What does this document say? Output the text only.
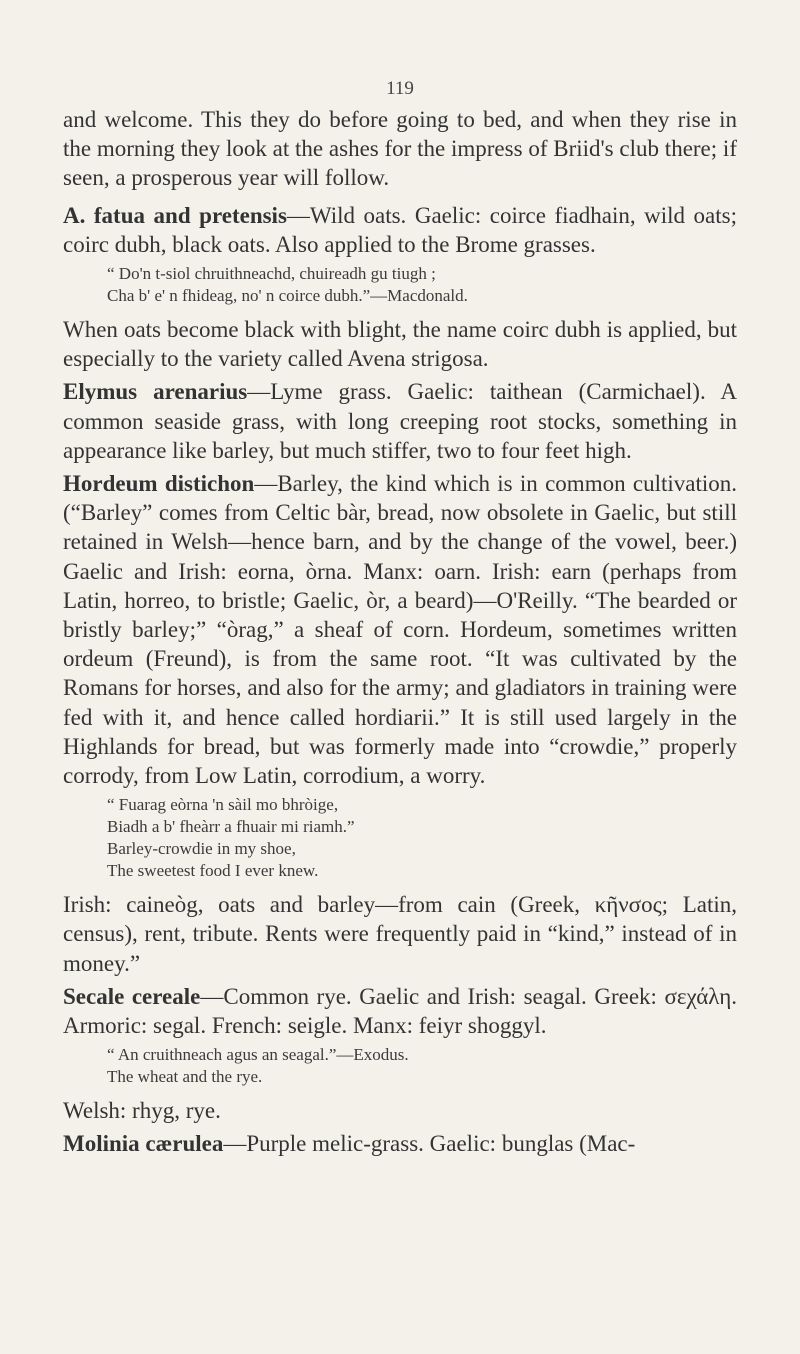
119

and welcome. This they do before going to bed, and when they rise in the morning they look at the ashes for the impress of Briid's club there; if seen, a prosperous year will follow.

A. fatua and pretensis—Wild oats. Gaelic: coirce fiadhain, wild oats; coirc dubh, black oats. Also applied to the Brome grasses.

“ Do'n t-siol chruithneachd, chuireadh gu tiugh ;
Cha b' e' n fhideag, no' n coirce dubh.”—Macdonald.

When oats become black with blight, the name coirc dubh is applied, but especially to the variety called Avena strigosa.

Elymus arenarius—Lyme grass. Gaelic: taithean (Carmichael). A common seaside grass, with long creeping root stocks, something in appearance like barley, but much stiffer, two to four feet high.

Hordeum distichon—Barley, the kind which is in common cultivation. (“Barley” comes from Celtic bàr, bread, now obsolete in Gaelic, but still retained in Welsh—hence barn, and by the change of the vowel, beer.) Gaelic and Irish: eorna, òrna. Manx: oarn. Irish: earn (perhaps from Latin, horreo, to bristle; Gaelic, òr, a beard)—O'Reilly. “The bearded or bristly barley;” “òrag,” a sheaf of corn. Hordeum, sometimes written ordeum (Freund), is from the same root. “It was cultivated by the Romans for horses, and also for the army; and gladiators in training were fed with it, and hence called hordiarii.” It is still used largely in the Highlands for bread, but was formerly made into “crowdie,” properly corrody, from Low Latin, corrodium, a worry.

“ Fuarag eòrna 'n sàil mo bhròige,
Biadh a b' fheàrr a fhuair mi riamh.”
Barley-crowdie in my shoe,
The sweetest food I ever knew.

Irish: caineòg, oats and barley—from cain (Greek, κῆνσος; Latin, census), rent, tribute. Rents were frequently paid in “kind,” instead of in money.”

Secale cereale—Common rye. Gaelic and Irish: seagal. Greek: σεχάλη. Armoric: segal. French: seigle. Manx: feiyr shoggyl.

“ An cruithneach agus an seagal.”—Exodus.
The wheat and the rye.

Welsh: rhyg, rye.

Molinia cærulea—Purple melic-grass. Gaelic: bunglas (Mac-
